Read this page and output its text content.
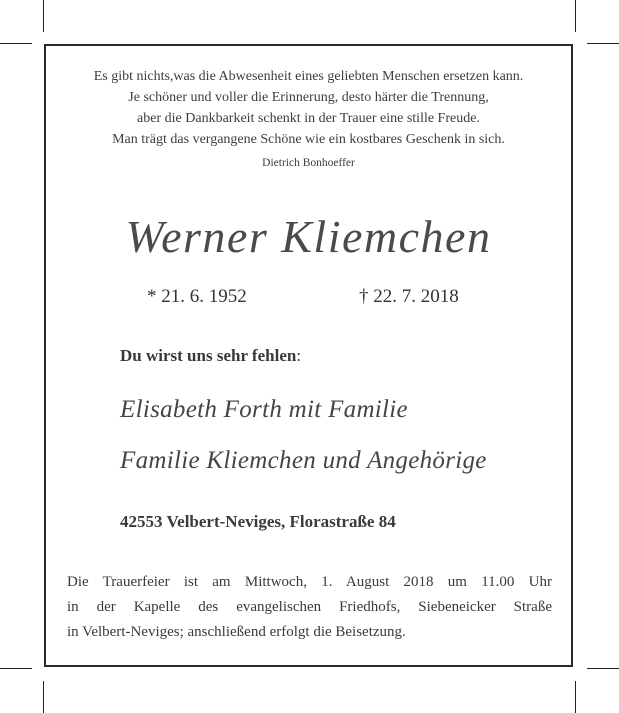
Es gibt nichts,was die Abwesenheit eines geliebten Menschen ersetzen kann.
Je schöner und voller die Erinnerung, desto härter die Trennung,
aber die Dankbarkeit schenkt in der Trauer eine stille Freude.
Man trägt das vergangene Schöne wie ein kostbares Geschenk in sich.
Dietrich Bonhoeffer
Werner Kliemchen
* 21. 6. 1952	† 22. 7. 2018
Du wirst uns sehr fehlen:
Elisabeth Forth mit Familie
Familie Kliemchen und Angehörige
42553 Velbert-Neviges, Florastraße 84
Die Trauerfeier ist am Mittwoch, 1. August 2018 um 11.00 Uhr
in der Kapelle des evangelischen Friedhofs, Siebeneicker Straße
in Velbert-Neviges; anschließend erfolgt die Beisetzung.
